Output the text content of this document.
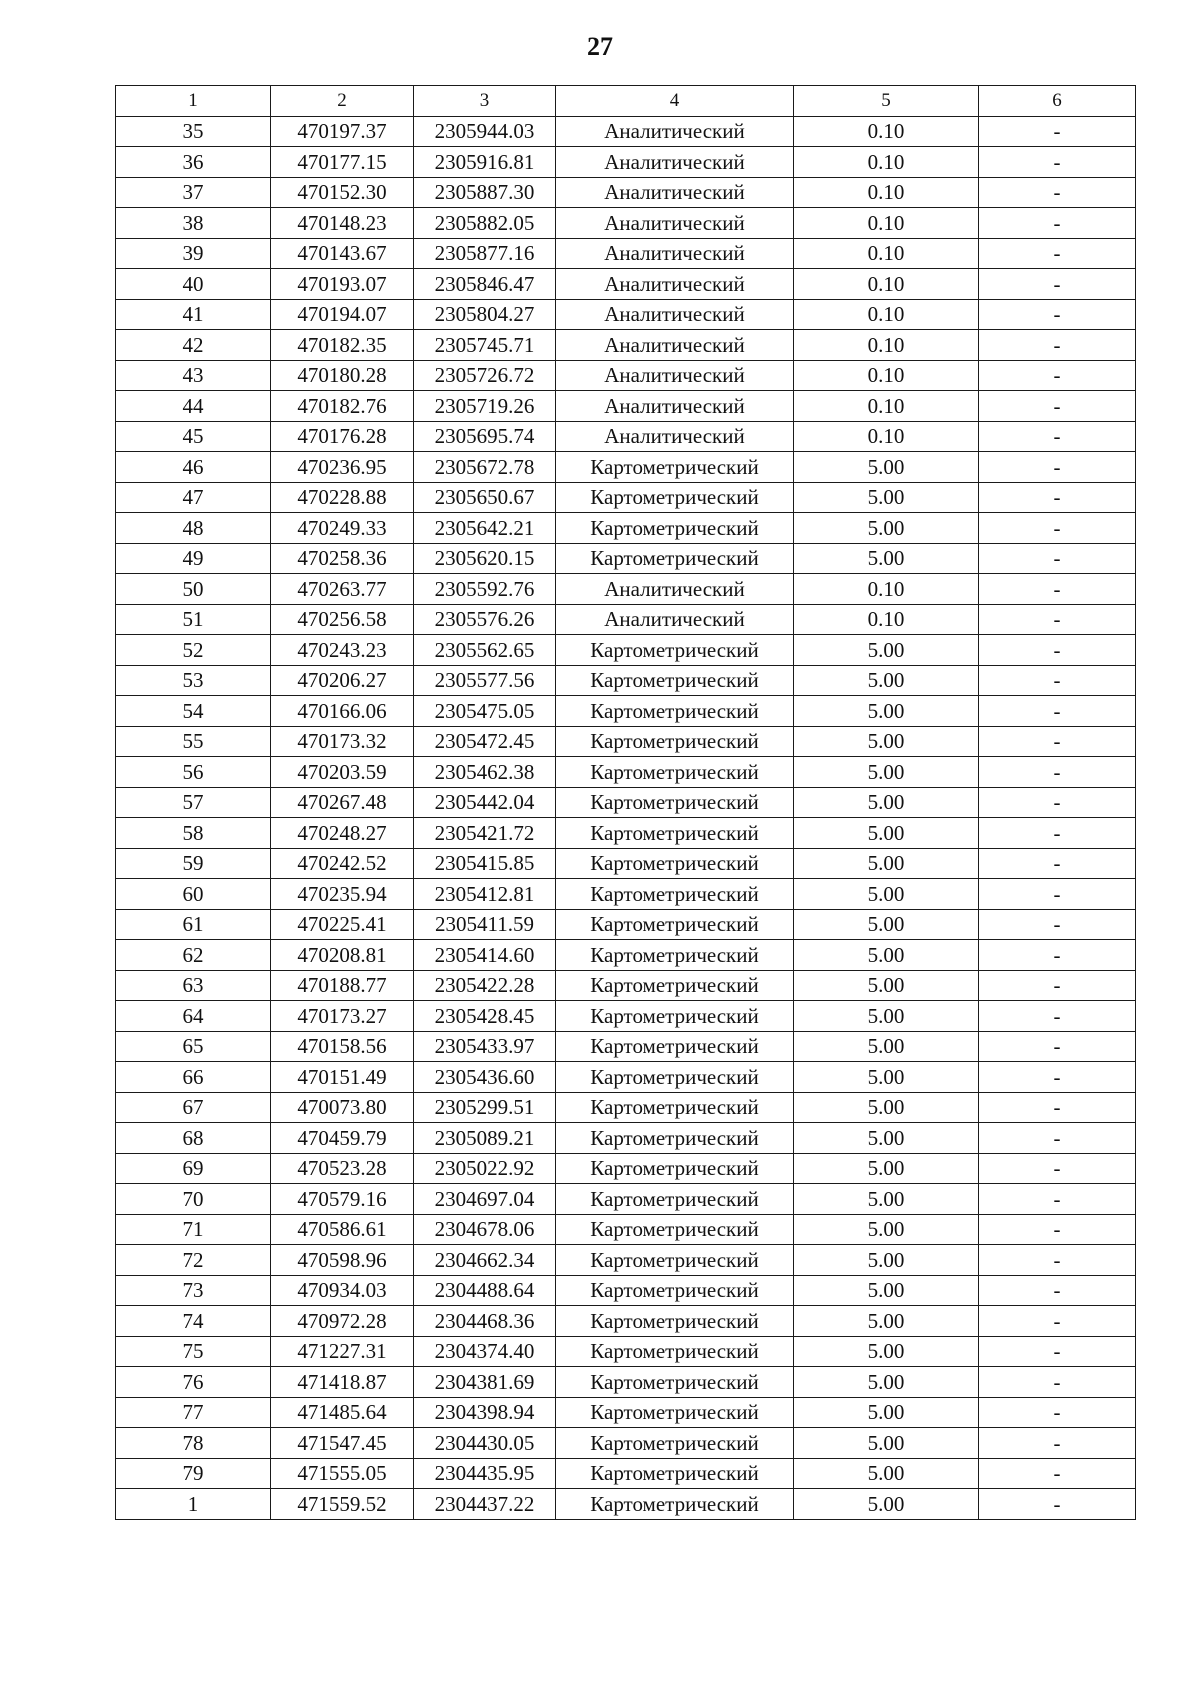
27
1	2	3	4	5	6
35	470197.37	2305944.03	Аналитический	0.10	-
36	470177.15	2305916.81	Аналитический	0.10	-
37	470152.30	2305887.30	Аналитический	0.10	-
38	470148.23	2305882.05	Аналитический	0.10	-
39	470143.67	2305877.16	Аналитический	0.10	-
40	470193.07	2305846.47	Аналитический	0.10	-
41	470194.07	2305804.27	Аналитический	0.10	-
42	470182.35	2305745.71	Аналитический	0.10	-
43	470180.28	2305726.72	Аналитический	0.10	-
44	470182.76	2305719.26	Аналитический	0.10	-
45	470176.28	2305695.74	Аналитический	0.10	-
46	470236.95	2305672.78	Картометрический	5.00	-
47	470228.88	2305650.67	Картометрический	5.00	-
48	470249.33	2305642.21	Картометрический	5.00	-
49	470258.36	2305620.15	Картометрический	5.00	-
50	470263.77	2305592.76	Аналитический	0.10	-
51	470256.58	2305576.26	Аналитический	0.10	-
52	470243.23	2305562.65	Картометрический	5.00	-
53	470206.27	2305577.56	Картометрический	5.00	-
54	470166.06	2305475.05	Картометрический	5.00	-
55	470173.32	2305472.45	Картометрический	5.00	-
56	470203.59	2305462.38	Картометрический	5.00	-
57	470267.48	2305442.04	Картометрический	5.00	-
58	470248.27	2305421.72	Картометрический	5.00	-
59	470242.52	2305415.85	Картометрический	5.00	-
60	470235.94	2305412.81	Картометрический	5.00	-
61	470225.41	2305411.59	Картометрический	5.00	-
62	470208.81	2305414.60	Картометрический	5.00	-
63	470188.77	2305422.28	Картометрический	5.00	-
64	470173.27	2305428.45	Картометрический	5.00	-
65	470158.56	2305433.97	Картометрический	5.00	-
66	470151.49	2305436.60	Картометрический	5.00	-
67	470073.80	2305299.51	Картометрический	5.00	-
68	470459.79	2305089.21	Картометрический	5.00	-
69	470523.28	2305022.92	Картометрический	5.00	-
70	470579.16	2304697.04	Картометрический	5.00	-
71	470586.61	2304678.06	Картометрический	5.00	-
72	470598.96	2304662.34	Картометрический	5.00	-
73	470934.03	2304488.64	Картометрический	5.00	-
74	470972.28	2304468.36	Картометрический	5.00	-
75	471227.31	2304374.40	Картометрический	5.00	-
76	471418.87	2304381.69	Картометрический	5.00	-
77	471485.64	2304398.94	Картометрический	5.00	-
78	471547.45	2304430.05	Картометрический	5.00	-
79	471555.05	2304435.95	Картометрический	5.00	-
1	471559.52	2304437.22	Картометрический	5.00	-
